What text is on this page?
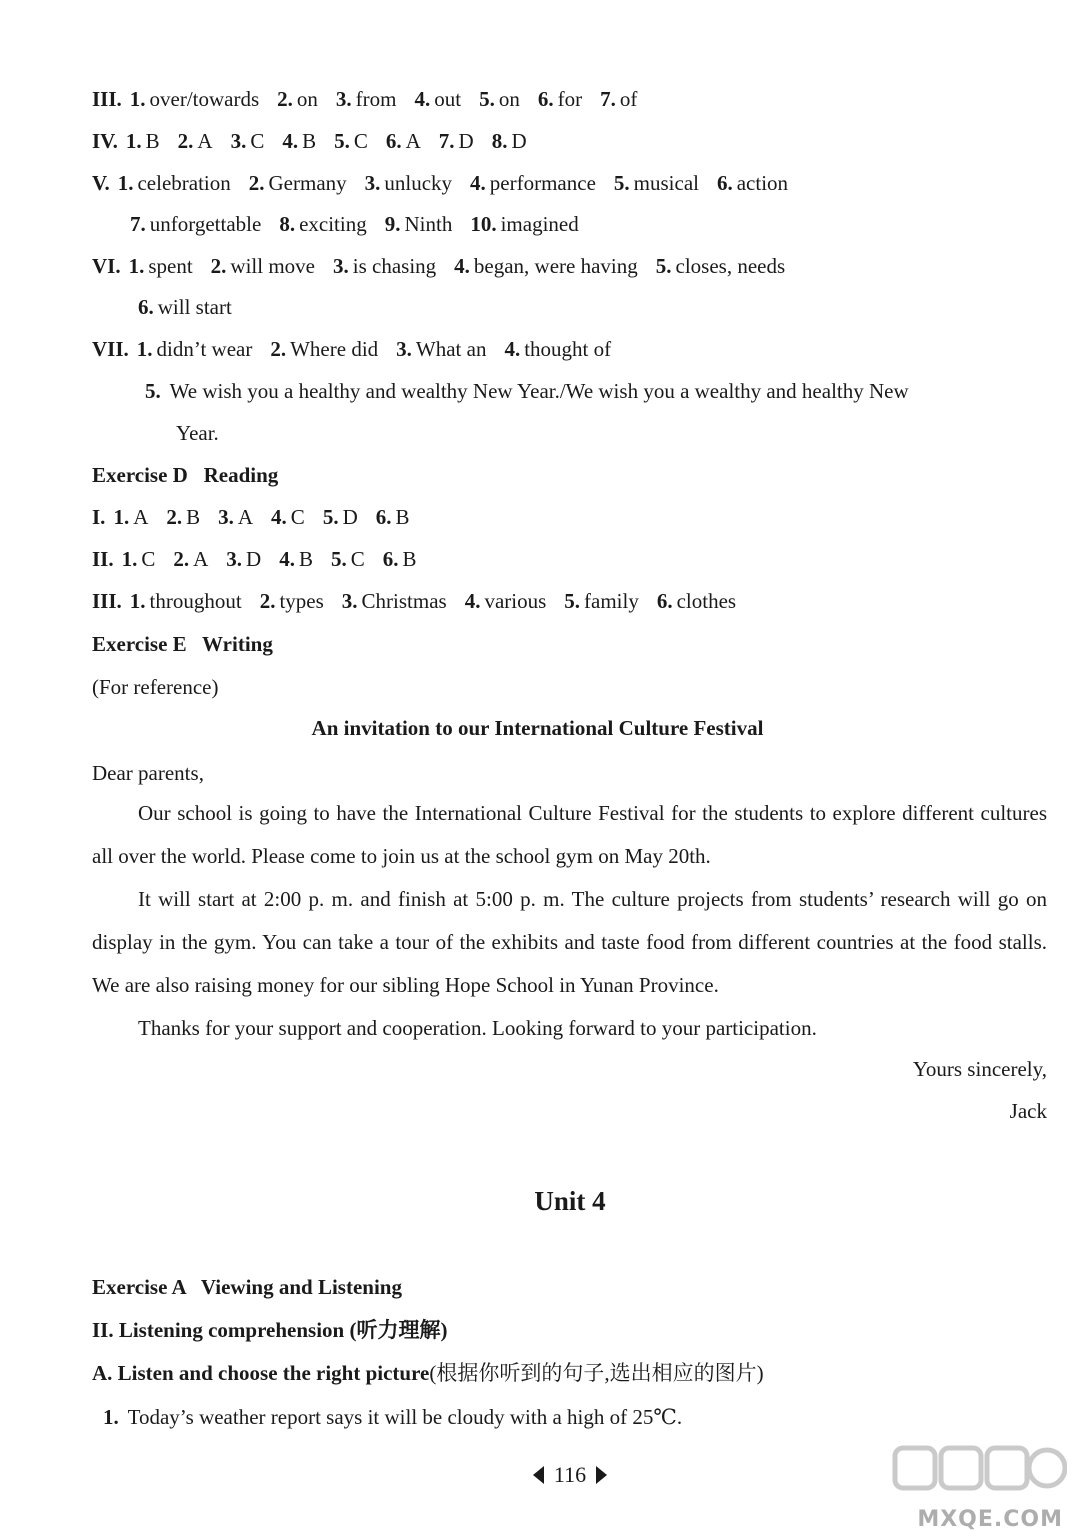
III. 1. over/towards 2. on 3. from 4. out 5. on 6. for 7. of
IV. 1. B 2. A 3. C 4. B 5. C 6. A 7. D 8. D
V. 1. celebration 2. Germany 3. unlucky 4. performance 5. musical 6. action
7. unforgettable 8. exciting 9. Ninth 10. imagined
VI. 1. spent 2. will move 3. is chasing 4. began, were having 5. closes, needs
6. will start
VII. 1. didn’t wear 2. Where did 3. What an 4. thought of
5. We wish you a healthy and wealthy New Year./We wish you a wealthy and healthy New
Year.
Exercise D   Reading
I. 1. A 2. B 3. A 4. C 5. D 6. B
II. 1. C 2. A 3. D 4. B 5. C 6. B
III. 1. throughout 2. types 3. Christmas 4. various 5. family 6. clothes
Exercise E   Writing
(For reference)
An invitation to our International Culture Festival
Dear parents,
Our school is going to have the International Culture Festival for the students to explore different cultures all over the world. Please come to join us at the school gym on May 20th.
It will start at 2:00 p. m. and finish at 5:00 p. m. The culture projects from students’ research will go on display in the gym. You can take a tour of the exhibits and taste food from different countries at the food stalls. We are also raising money for our sibling Hope School in Yunan Province.
Thanks for your support and cooperation. Looking forward to your participation.
Yours sincerely,
Jack
Unit 4
Exercise A   Viewing and Listening
II. Listening comprehension (听力理解)
A. Listen and choose the right picture(根据你听到的句子,选出相应的图片)
1. Today’s weather report says it will be cloudy with a high of 25℃.
116
MXQE.COM
